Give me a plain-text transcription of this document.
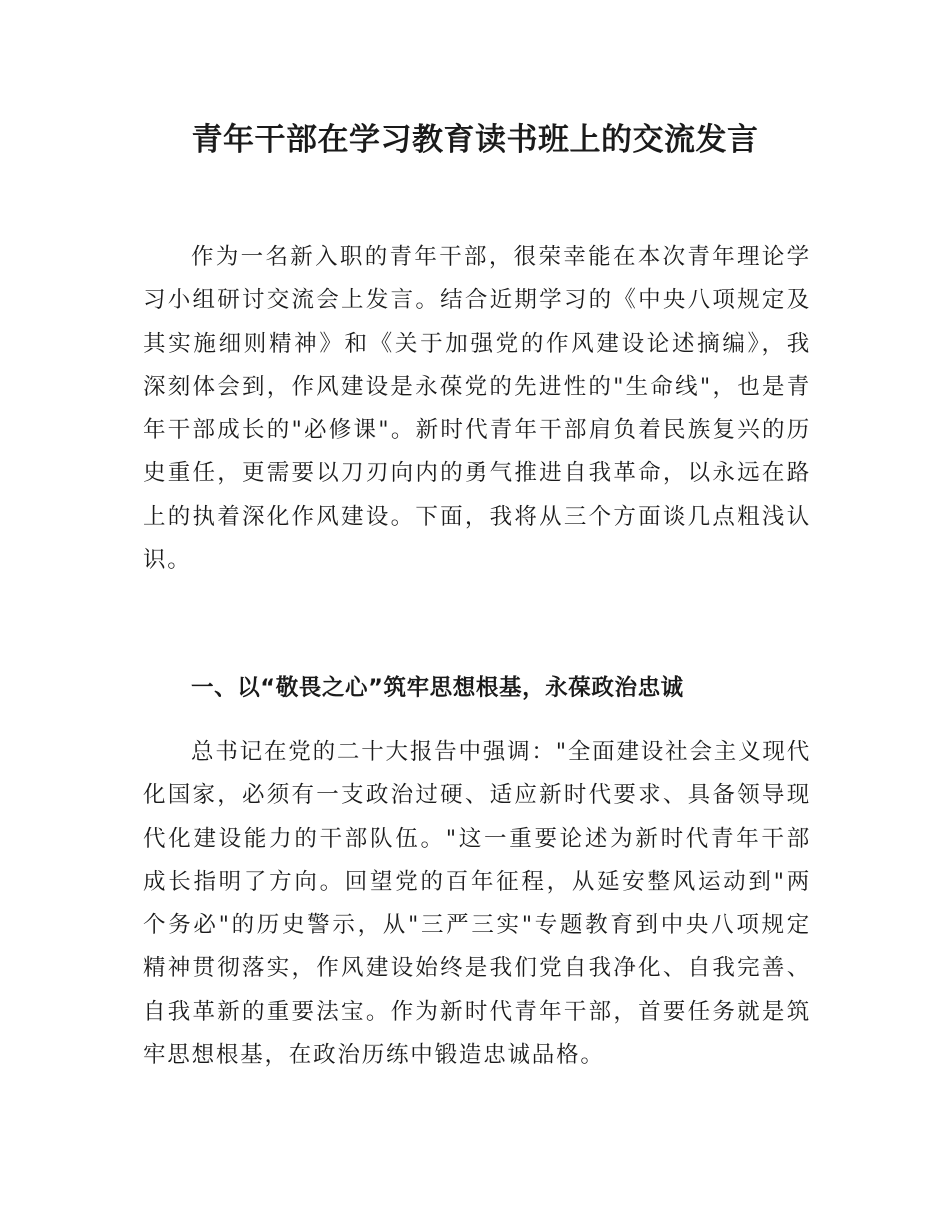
青年干部在学习教育读书班上的交流发言

作为一名新入职的青年干部，很荣幸能在本次青年理论学习小组研讨交流会上发言。结合近期学习的《中央八项规定及其实施细则精神》和《关于加强党的作风建设论述摘编》，我深刻体会到，作风建设是永葆党的先进性的"生命线"，也是青年干部成长的"必修课"。新时代青年干部肩负着民族复兴的历史重任，更需要以刀刃向内的勇气推进自我革命，以永远在路上的执着深化作风建设。下面，我将从三个方面谈几点粗浅认识。

一、以“敬畏之心”筑牢思想根基，永葆政治忠诚

总书记在党的二十大报告中强调："全面建设社会主义现代化国家，必须有一支政治过硬、适应新时代要求、具备领导现代化建设能力的干部队伍。"这一重要论述为新时代青年干部成长指明了方向。回望党的百年征程，从延安整风运动到"两个务必"的历史警示，从"三严三实"专题教育到中央八项规定精神贯彻落实，作风建设始终是我们党自我净化、自我完善、自我革新的重要法宝。作为新时代青年干部，首要任务就是筑牢思想根基，在政治历练中锻造忠诚品格。
